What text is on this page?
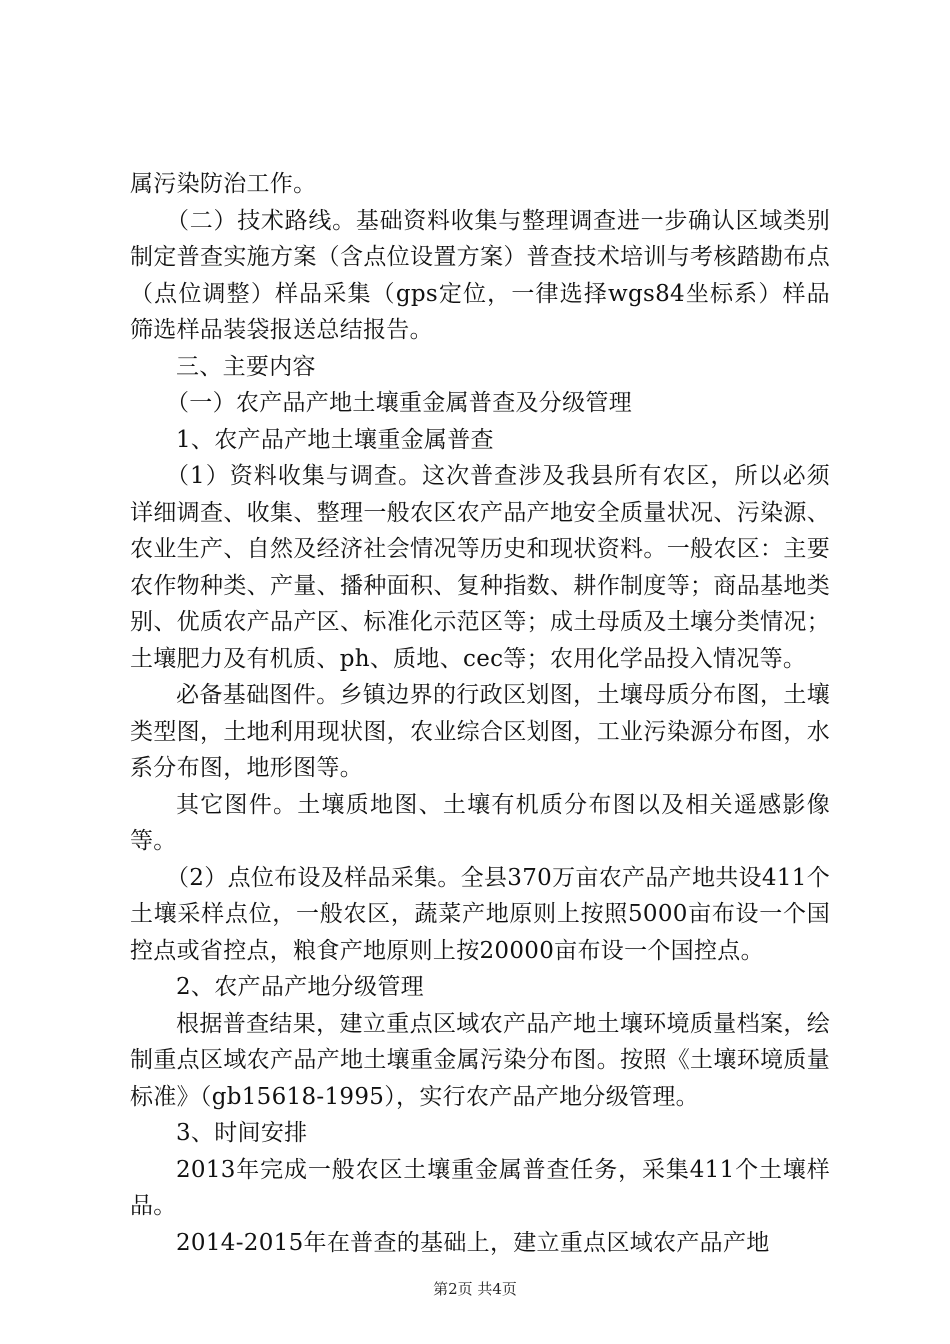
属污染防治工作。

（二）技术路线。基础资料收集与整理调查进一步确认区域类别制定普查实施方案（含点位设置方案）普查技术培训与考核踏勘布点（点位调整）样品采集（gps定位，一律选择wgs84坐标系）样品筛选样品装袋报送总结报告。

三、主要内容

（一）农产品产地土壤重金属普查及分级管理

1、农产品产地土壤重金属普查

（1）资料收集与调查。这次普查涉及我县所有农区，所以必须详细调查、收集、整理一般农区农产品产地安全质量状况、污染源、农业生产、自然及经济社会情况等历史和现状资料。一般农区：主要农作物种类、产量、播种面积、复种指数、耕作制度等；商品基地类别、优质农产品产区、标准化示范区等；成土母质及土壤分类情况；土壤肥力及有机质、ph、质地、cec等；农用化学品投入情况等。

必备基础图件。乡镇边界的行政区划图，土壤母质分布图，土壤类型图，土地利用现状图，农业综合区划图，工业污染源分布图，水系分布图，地形图等。

其它图件。土壤质地图、土壤有机质分布图以及相关遥感影像等。

（2）点位布设及样品采集。全县370万亩农产品产地共设411个土壤采样点位，一般农区，蔬菜产地原则上按照5000亩布设一个国控点或省控点，粮食产地原则上按20000亩布设一个国控点。

2、农产品产地分级管理

根据普查结果，建立重点区域农产品产地土壤环境质量档案，绘制重点区域农产品产地土壤重金属污染分布图。按照《土壤环境质量标准》（gb15618-1995），实行农产品产地分级管理。

3、时间安排

2013年完成一般农区土壤重金属普查任务，采集411个土壤样品。

2014-2015年在普查的基础上，建立重点区域农产品产地

第2页 共4页
